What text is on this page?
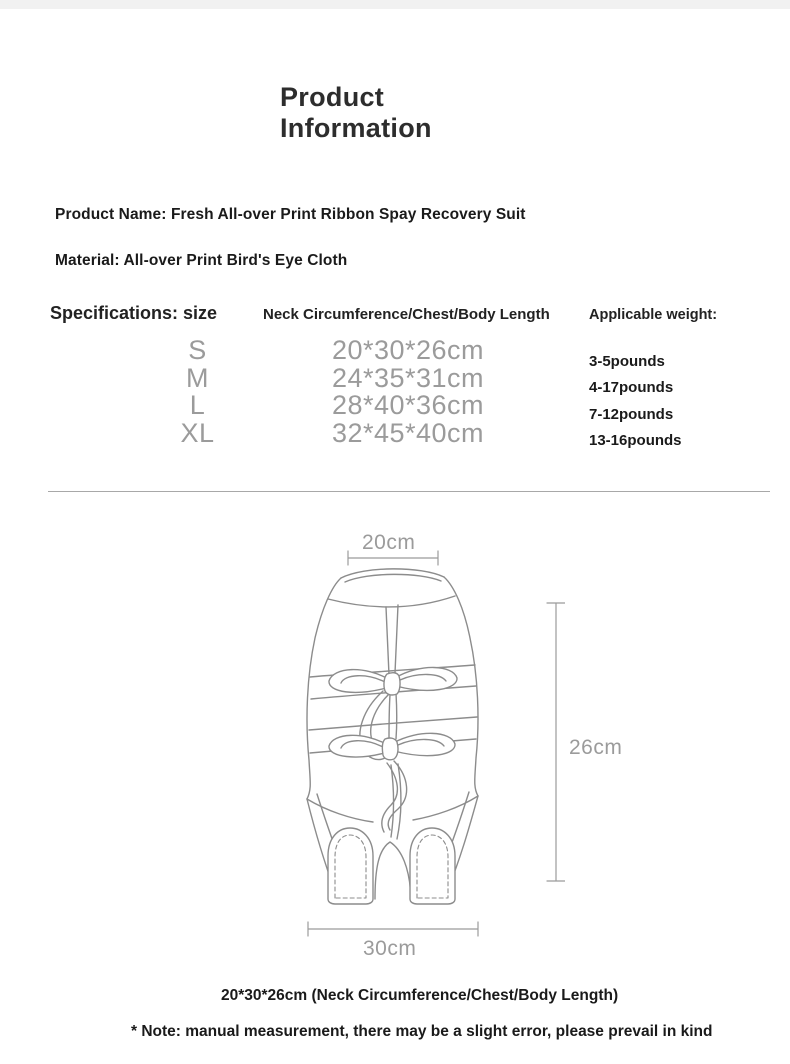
Product
Information
Product Name: Fresh All-over Print Ribbon Spay Recovery Suit
Material: All-over Print Bird's Eye Cloth
Specifications: size	Neck Circumference/Chest/Body Length	Applicable weight:
S
M
L
XL
20*30*26cm
24*35*31cm
28*40*36cm
32*45*40cm
3-5pounds
4-17pounds
7-12pounds
13-16pounds
20cm
26cm
30cm
20*30*26cm (Neck Circumference/Chest/Body Length)
* Note: manual measurement, there may be a slight error, please prevail in kind
